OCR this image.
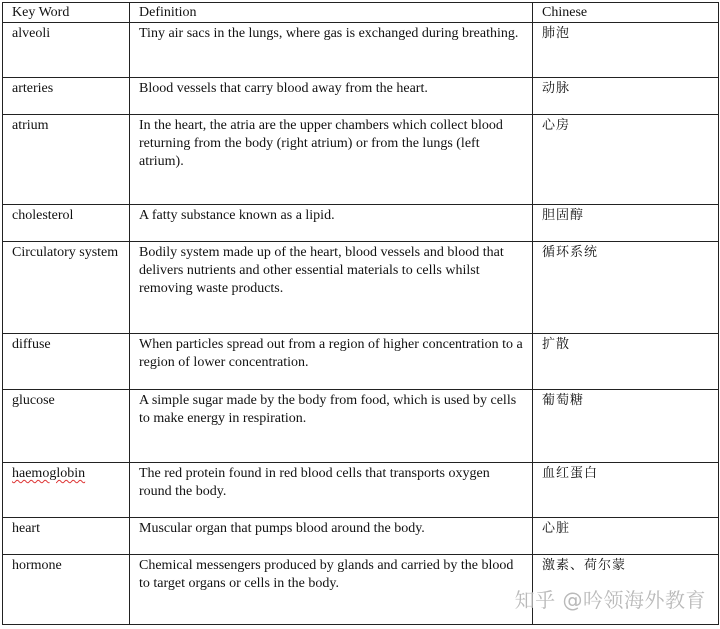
Key Word	Definition	Chinese

alveoli	Tiny air sacs in the lungs, where gas is exchanged during breathing.	肺泡

arteries	Blood vessels that carry blood away from the heart.	动脉

atrium	In the heart, the atria are the upper chambers which collect blood returning from the body (right atrium) or from the lungs (left atrium).	心房

cholesterol	A fatty substance known as a lipid.	胆固醇

Circulatory system	Bodily system made up of the heart, blood vessels and blood that delivers nutrients and other essential materials to cells whilst removing waste products.	循环系统

diffuse	When particles spread out from a region of higher concentration to a region of lower concentration.	扩散

glucose	A simple sugar made by the body from food, which is used by cells to make energy in respiration.	葡萄糖

haemoglobin	The red protein found in red blood cells that transports oxygen round the body.	血红蛋白

heart	Muscular organ that pumps blood around the body.	心脏

hormone	Chemical messengers produced by glands and carried by the blood to target organs or cells in the body.	激素、荷尔蒙
知乎 @吟领海外教育
